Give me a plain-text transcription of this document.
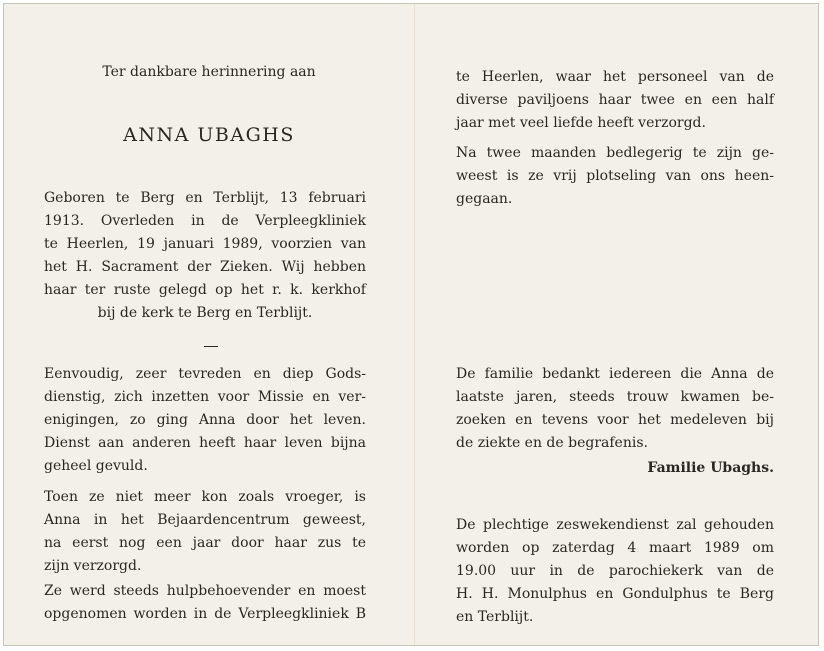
Ter dankbare herinnering aan
ANNA UBAGHS
Geboren te Berg en Terblijt, 13 februari
1913. Overleden in de Verpleegkliniek
te Heerlen, 19 januari 1989, voorzien van
het H. Sacrament der Zieken. Wij hebben
haar ter ruste gelegd op het r. k. kerkhof
bij de kerk te Berg en Terblijt.
Eenvoudig, zeer tevreden en diep Gods-
dienstig, zich inzetten voor Missie en ver-
enigingen, zo ging Anna door het leven.
Dienst aan anderen heeft haar leven bijna
geheel gevuld.
Toen ze niet meer kon zoals vroeger, is
Anna in het Bejaardencentrum geweest,
na eerst nog een jaar door haar zus te
zijn verzorgd.
Ze werd steeds hulpbehoevender en moest
opgenomen worden in de Verpleegkliniek B
te Heerlen, waar het personeel van de
diverse paviljoens haar twee en een half
jaar met veel liefde heeft verzorgd.
Na twee maanden bedlegerig te zijn ge-
weest is ze vrij plotseling van ons heen-
gegaan.
De familie bedankt iedereen die Anna de
laatste jaren, steeds trouw kwamen be-
zoeken en tevens voor het medeleven bij
de ziekte en de begrafenis.
Familie Ubaghs.
De plechtige zeswekendienst zal gehouden
worden op zaterdag 4 maart 1989 om
19.00 uur in de parochiekerk van de
H. H. Monulphus en Gondulphus te Berg
en Terblijt.
